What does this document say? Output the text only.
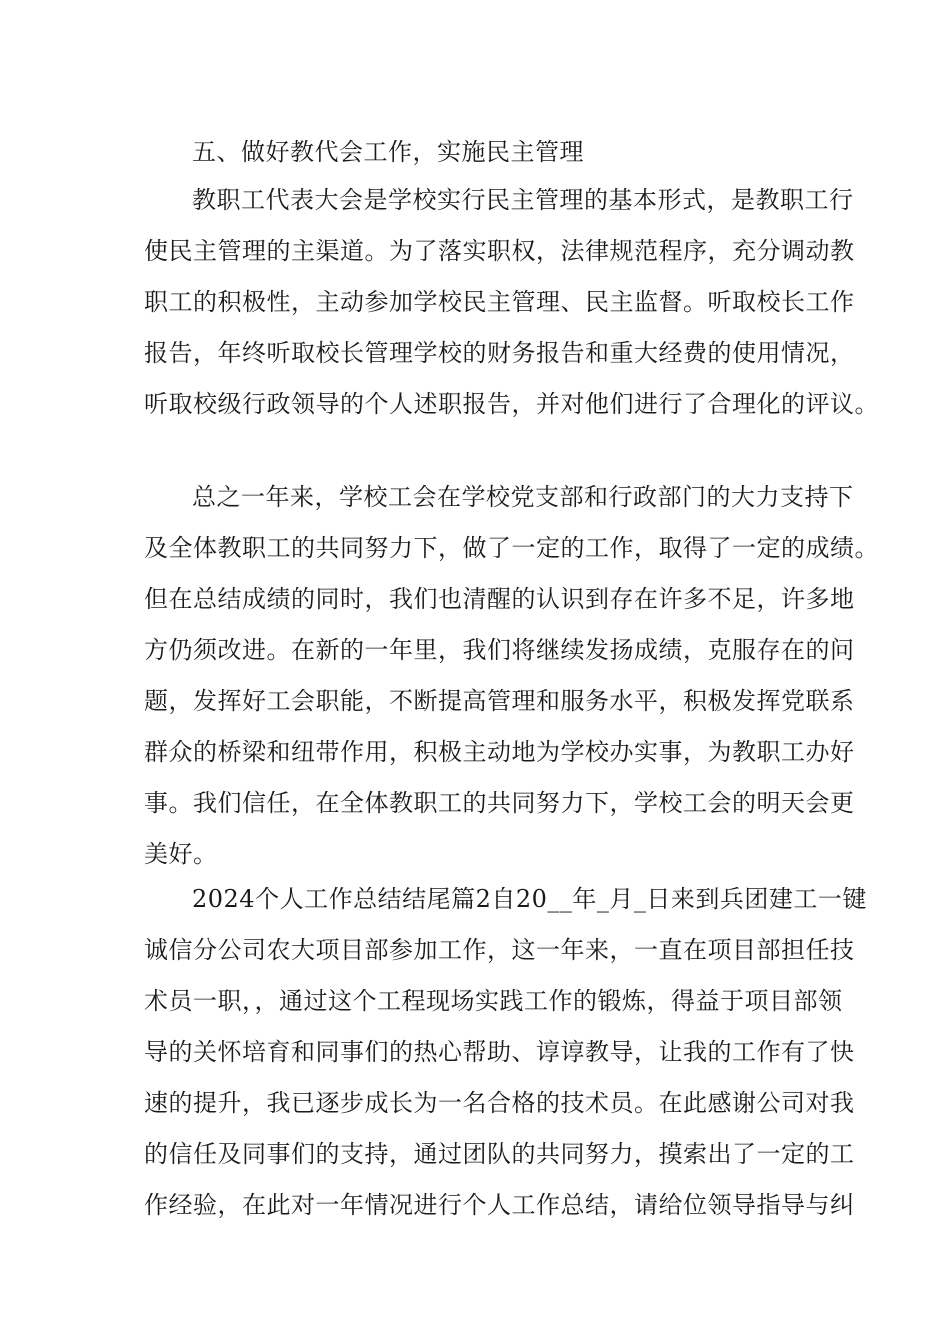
五、做好教代会工作，实施民主管理
教职工代表大会是学校实行民主管理的基本形式，是教职工行
使民主管理的主渠道。为了落实职权，法律规范程序，充分调动教
职工的积极性，主动参加学校民主管理、民主监督。听取校长工作
报告，年终听取校长管理学校的财务报告和重大经费的使用情况，
听取校级行政领导的个人述职报告，并对他们进行了合理化的评议。
总之一年来，学校工会在学校党支部和行政部门的大力支持下
及全体教职工的共同努力下，做了一定的工作，取得了一定的成绩。
但在总结成绩的同时，我们也清醒的认识到存在许多不足，许多地
方仍须改进。在新的一年里，我们将继续发扬成绩，克服存在的问
题，发挥好工会职能，不断提高管理和服务水平，积极发挥党联系
群众的桥梁和纽带作用，积极主动地为学校办实事，为教职工办好
事。我们信任，在全体教职工的共同努力下，学校工会的明天会更
美好。
2024个人工作总结结尾篇2自20__年_月_日来到兵团建工一键
诚信分公司农大项目部参加工作，这一年来，一直在项目部担任技
术员一职，，通过这个工程现场实践工作的锻炼，得益于项目部领
导的关怀培育和同事们的热心帮助、谆谆教导，让我的工作有了快
速的提升，我已逐步成长为一名合格的技术员。在此感谢公司对我
的信任及同事们的支持，通过团队的共同努力，摸索出了一定的工
作经验，在此对一年情况进行个人工作总结，请给位领导指导与纠
